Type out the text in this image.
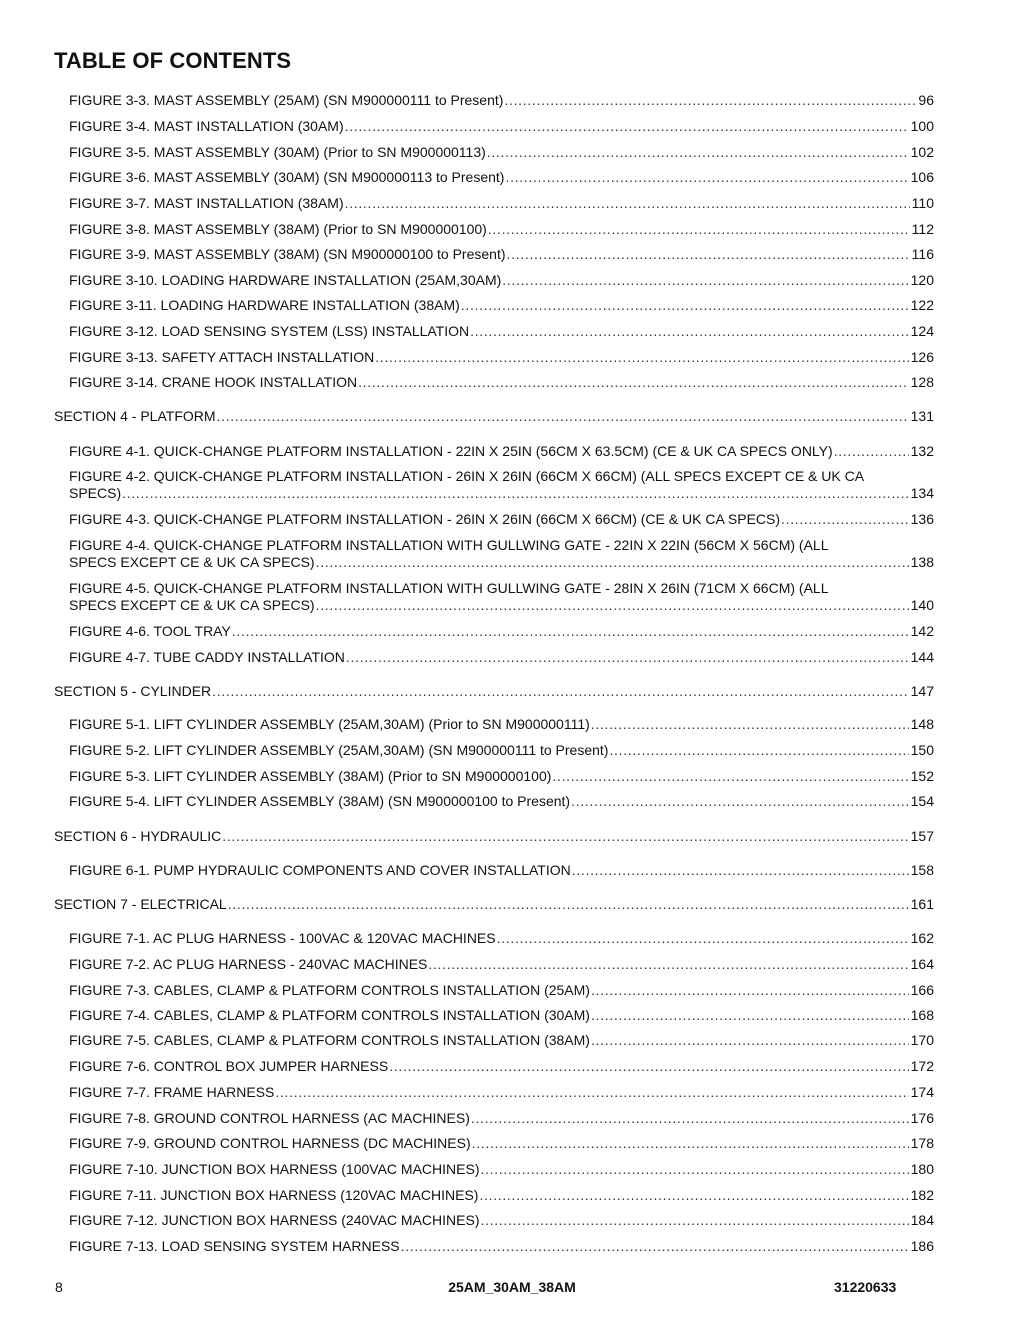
TABLE OF CONTENTS
FIGURE 3-3. MAST ASSEMBLY (25AM) (SN M900000111 to Present) . . .	96
FIGURE 3-4. MAST INSTALLATION (30AM) . . .	100
FIGURE 3-5. MAST ASSEMBLY (30AM) (Prior to SN M900000113) . . .	102
FIGURE 3-6. MAST ASSEMBLY (30AM) (SN M900000113 to Present) . . .	106
FIGURE 3-7. MAST INSTALLATION (38AM) . . .	110
FIGURE 3-8. MAST ASSEMBLY (38AM) (Prior to SN M900000100) . . .	112
FIGURE 3-9. MAST ASSEMBLY (38AM) (SN M900000100 to Present) . . .	116
FIGURE 3-10. LOADING HARDWARE INSTALLATION (25AM,30AM) . . .	120
FIGURE 3-11. LOADING HARDWARE INSTALLATION (38AM) . . .	122
FIGURE 3-12. LOAD SENSING SYSTEM (LSS) INSTALLATION . . .	124
FIGURE 3-13. SAFETY ATTACH INSTALLATION . . .	126
FIGURE 3-14. CRANE HOOK INSTALLATION . . .	128
SECTION 4 - PLATFORM . . .	131
FIGURE 4-1. QUICK-CHANGE PLATFORM INSTALLATION - 22IN X 25IN (56CM X 63.5CM) (CE & UK CA SPECS ONLY) . . .	132
FIGURE 4-2. QUICK-CHANGE PLATFORM INSTALLATION - 26IN X 26IN (66CM X 66CM) (ALL SPECS EXCEPT CE & UK CA
SPECS) . . .	134
FIGURE 4-3. QUICK-CHANGE PLATFORM INSTALLATION - 26IN X 26IN (66CM X 66CM) (CE & UK CA SPECS) . . .	136
FIGURE 4-4. QUICK-CHANGE PLATFORM INSTALLATION WITH GULLWING GATE - 22IN X 22IN (56CM X 56CM) (ALL
SPECS EXCEPT CE & UK CA SPECS) . . .	138
FIGURE 4-5. QUICK-CHANGE PLATFORM INSTALLATION WITH GULLWING GATE - 28IN X 26IN (71CM X 66CM) (ALL
SPECS EXCEPT CE & UK CA SPECS) . . .	140
FIGURE 4-6. TOOL TRAY . . .	142
FIGURE 4-7. TUBE CADDY INSTALLATION . . .	144
SECTION 5 - CYLINDER . . .	147
FIGURE 5-1. LIFT CYLINDER ASSEMBLY (25AM,30AM) (Prior to SN M900000111) . . .	148
FIGURE 5-2. LIFT CYLINDER ASSEMBLY (25AM,30AM) (SN M900000111 to Present) . . .	150
FIGURE 5-3. LIFT CYLINDER ASSEMBLY (38AM) (Prior to SN M900000100) . . .	152
FIGURE 5-4. LIFT CYLINDER ASSEMBLY (38AM) (SN M900000100 to Present) . . .	154
SECTION 6 - HYDRAULIC . . .	157
FIGURE 6-1. PUMP HYDRAULIC COMPONENTS AND COVER INSTALLATION . . .	158
SECTION 7 - ELECTRICAL . . .	161
FIGURE 7-1. AC PLUG HARNESS - 100VAC & 120VAC MACHINES . . .	162
FIGURE 7-2. AC PLUG HARNESS - 240VAC MACHINES . . .	164
FIGURE 7-3. CABLES, CLAMP & PLATFORM CONTROLS INSTALLATION (25AM) . . .	166
FIGURE 7-4. CABLES, CLAMP & PLATFORM CONTROLS INSTALLATION (30AM) . . .	168
FIGURE 7-5. CABLES, CLAMP & PLATFORM CONTROLS INSTALLATION (38AM) . . .	170
FIGURE 7-6. CONTROL BOX JUMPER HARNESS . . .	172
FIGURE 7-7. FRAME HARNESS . . .	174
FIGURE 7-8. GROUND CONTROL HARNESS (AC MACHINES) . . .	176
FIGURE 7-9. GROUND CONTROL HARNESS (DC MACHINES) . . .	178
FIGURE 7-10. JUNCTION BOX HARNESS (100VAC MACHINES) . . .	180
FIGURE 7-11. JUNCTION BOX HARNESS (120VAC MACHINES) . . .	182
FIGURE 7-12. JUNCTION BOX HARNESS (240VAC MACHINES) . . .	184
FIGURE 7-13. LOAD SENSING SYSTEM HARNESS . . .	186
8	25AM_30AM_38AM	31220633
